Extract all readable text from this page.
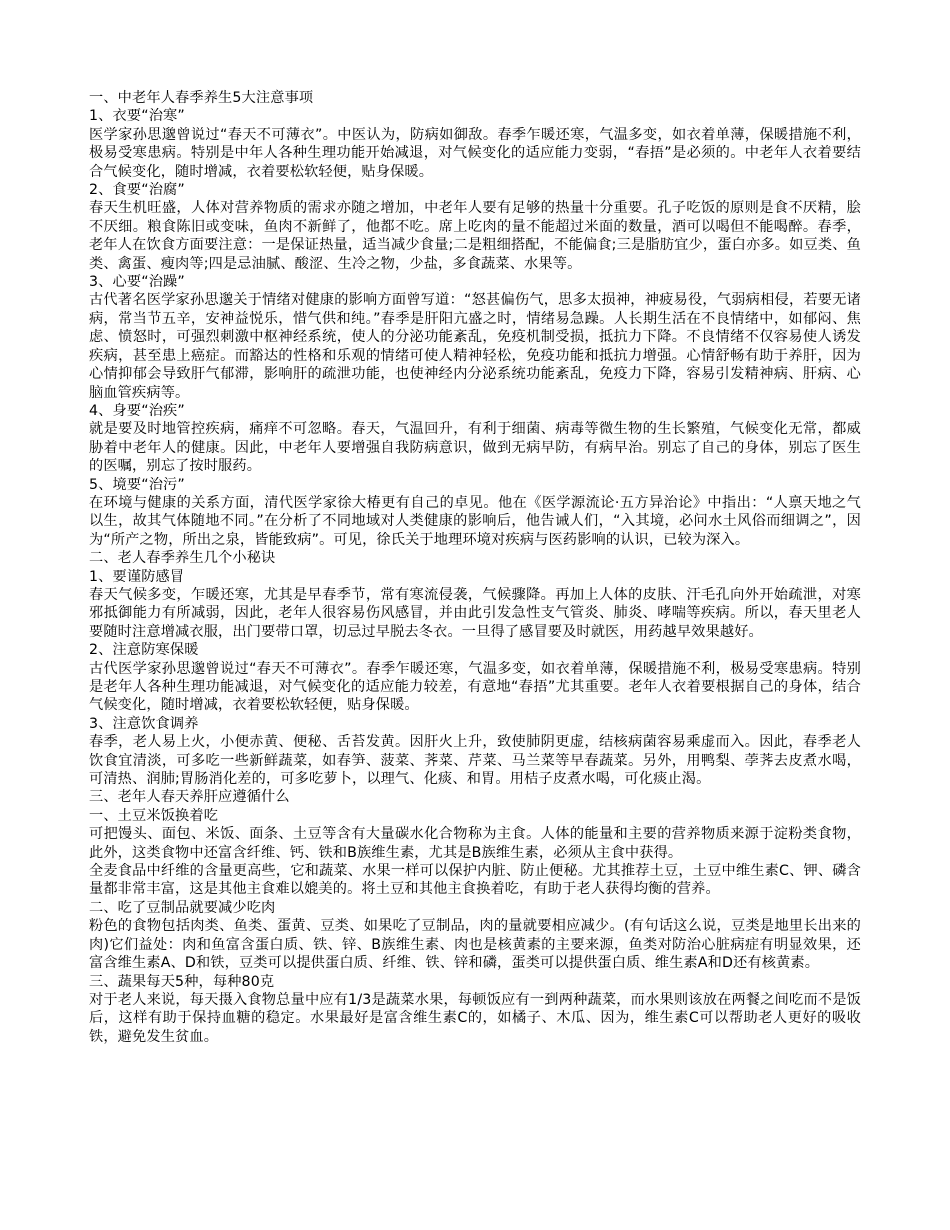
一、中老年人春季养生5大注意事项

1、衣要“治寒”

医学家孙思邈曾说过“春天不可薄衣”。中医认为，防病如御敌。春季乍暖还寒，气温多变，如衣着单薄，保暖措施不利，极易受寒患病。特别是中年人各种生理功能开始减退，对气候变化的适应能力变弱，“春捂”是必须的。中老年人衣着要结合气候变化，随时增减，衣着要松软轻便，贴身保暖。

2、食要“治腐”

春天生机旺盛，人体对营养物质的需求亦随之增加，中老年人要有足够的热量十分重要。孔子吃饭的原则是食不厌精，脍不厌细。粮食陈旧或变味，鱼肉不新鲜了，他都不吃。席上吃肉的量不能超过米面的数量，酒可以喝但不能喝醉。春季，老年人在饮食方面要注意：一是保证热量，适当减少食量;二是粗细搭配，不能偏食;三是脂肪宜少，蛋白亦多。如豆类、鱼类、禽蛋、瘦肉等;四是忌油腻、酸涩、生冷之物，少盐，多食蔬菜、水果等。

3、心要“治躁”

古代著名医学家孙思邈关于情绪对健康的影响方面曾写道：“怒甚偏伤气，思多太损神，神疲易役，气弱病相侵，若要无诸病，常当节五辛，安神益悦乐，惜气供和纯。”春季是肝阳亢盛之时，情绪易急躁。人长期生活在不良情绪中，如郁闷、焦虑、愤怒时，可强烈刺激中枢神经系统，使人的分泌功能紊乱，免疫机制受损，抵抗力下降。不良情绪不仅容易使人诱发疾病，甚至患上癌症。而豁达的性格和乐观的情绪可使人精神轻松，免疫功能和抵抗力增强。心情舒畅有助于养肝，因为心情抑郁会导致肝气郁滞，影响肝的疏泄功能，也使神经内分泌系统功能紊乱，免疫力下降，容易引发精神病、肝病、心脑血管疾病等。

4、身要“治疾”

就是要及时地管控疾病，痛痒不可忽略。春天，气温回升，有利于细菌、病毒等微生物的生长繁殖，气候变化无常，都威胁着中老年人的健康。因此，中老年人要增强自我防病意识，做到无病早防，有病早治。别忘了自己的身体，别忘了医生的医嘱，别忘了按时服药。

5、境要“治污”

在环境与健康的关系方面，清代医学家徐大椿更有自己的卓见。他在《医学源流论·五方异治论》中指出：“人禀天地之气以生，故其气体随地不同。”在分析了不同地域对人类健康的影响后，他告诫人们，“入其境，必问水土风俗而细调之”，因为“所产之物，所出之泉，皆能致病”。可见，徐氏关于地理环境对疾病与医药影响的认识，已较为深入。

二、老人春季养生几个小秘诀

1、要谨防感冒

春天气候多变，乍暖还寒，尤其是早春季节，常有寒流侵袭，气候骤降。再加上人体的皮肤、汗毛孔向外开始疏泄，对寒邪抵御能力有所减弱，因此，老年人很容易伤风感冒，并由此引发急性支气管炎、肺炎、哮喘等疾病。所以，春天里老人要随时注意增减衣服，出门要带口罩，切忌过早脱去冬衣。一旦得了感冒要及时就医，用药越早效果越好。

2、注意防寒保暖

古代医学家孙思邈曾说过“春天不可薄衣”。春季乍暖还寒，气温多变，如衣着单薄，保暖措施不利，极易受寒患病。特别是老年人各种生理功能减退，对气候变化的适应能力较差，有意地“春捂”尤其重要。老年人衣着要根据自己的身体，结合气候变化，随时增减，衣着要松软轻便，贴身保暖。

3、注意饮食调养

春季，老人易上火，小便赤黄、便秘、舌苔发黄。因肝火上升，致使肺阴更虚，结核病菌容易乘虚而入。因此，春季老人饮食宜清淡，可多吃一些新鲜蔬菜，如春笋、菠菜、荠菜、芹菜、马兰菜等早春蔬菜。另外，用鸭梨、荸荠去皮煮水喝，可清热、润肺;胃肠消化差的，可多吃萝卜，以理气、化痰、和胃。用桔子皮煮水喝，可化痰止渴。

三、老年人春天养肝应遵循什么

一、土豆米饭换着吃

可把馒头、面包、米饭、面条、土豆等含有大量碳水化合物称为主食。人体的能量和主要的营养物质来源于淀粉类食物，此外，这类食物中还富含纤维、钙、铁和B族维生素，尤其是B族维生素，必须从主食中获得。

全麦食品中纤维的含量更高些，它和蔬菜、水果一样可以保护内脏、防止便秘。尤其推荐土豆，土豆中维生素C、钾、磷含量都非常丰富，这是其他主食难以媲美的。将土豆和其他主食换着吃，有助于老人获得均衡的营养。

二、吃了豆制品就要减少吃肉

粉色的食物包括肉类、鱼类、蛋黄、豆类、如果吃了豆制品，肉的量就要相应减少。(有句话这么说，豆类是地里长出来的肉)它们益处：肉和鱼富含蛋白质、铁、锌、B族维生素、肉也是核黄素的主要来源，鱼类对防治心脏病症有明显效果，还富含维生素A、D和铁，豆类可以提供蛋白质、纤维、铁、锌和磷，蛋类可以提供蛋白质、维生素A和D还有核黄素。

三、蔬果每天5种，每种80克

对于老人来说，每天摄入食物总量中应有1/3是蔬菜水果，每顿饭应有一到两种蔬菜，而水果则该放在两餐之间吃而不是饭后，这样有助于保持血糖的稳定。水果最好是富含维生素C的，如橘子、木瓜、因为，维生素C可以帮助老人更好的吸收铁，避免发生贫血。
